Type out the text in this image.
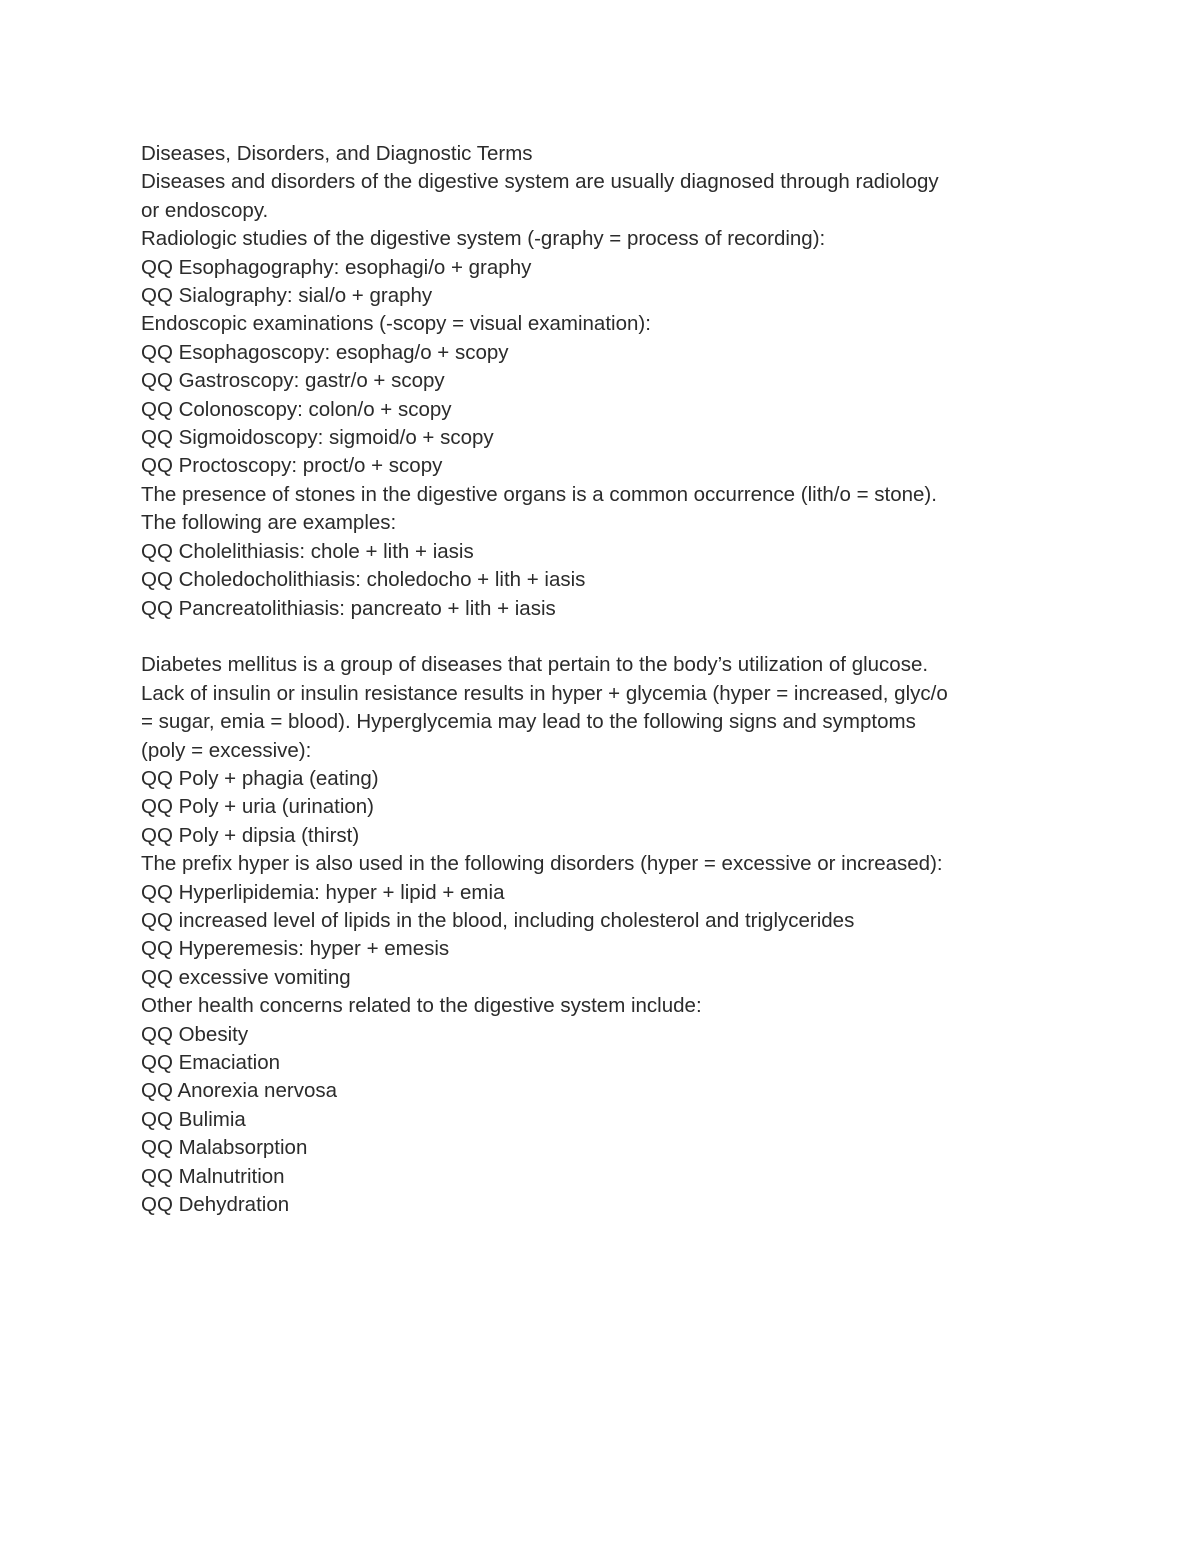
Diseases, Disorders, and Diagnostic Terms
Diseases and disorders of the digestive system are usually diagnosed through radiology
or endoscopy.
Radiologic studies of the digestive system (-graphy = process of recording):
QQ Esophagography: esophagi/o + graphy
QQ Sialography: sial/o + graphy
Endoscopic examinations (-scopy = visual examination):
QQ Esophagoscopy: esophag/o + scopy
QQ Gastroscopy: gastr/o + scopy
QQ Colonoscopy: colon/o + scopy
QQ Sigmoidoscopy: sigmoid/o + scopy
QQ Proctoscopy: proct/o + scopy
The presence of stones in the digestive organs is a common occurrence (lith/o = stone).
The following are examples:
QQ Cholelithiasis: chole + lith + iasis
QQ Choledocholithiasis: choledocho + lith + iasis
QQ Pancreatolithiasis: pancreato + lith + iasis
Diabetes mellitus is a group of diseases that pertain to the body’s utilization of glucose.
Lack of insulin or insulin resistance results in hyper + glycemia (hyper = increased, glyc/o
= sugar, emia = blood). Hyperglycemia may lead to the following signs and symptoms
(poly = excessive):
QQ Poly + phagia (eating)
QQ Poly + uria (urination)
QQ Poly + dipsia (thirst)
The prefix hyper is also used in the following disorders (hyper = excessive or increased):
QQ Hyperlipidemia: hyper + lipid + emia
QQ increased level of lipids in the blood, including cholesterol and triglycerides
QQ Hyperemesis: hyper + emesis
QQ excessive vomiting
Other health concerns related to the digestive system include:
QQ Obesity
QQ Emaciation
QQ Anorexia nervosa
QQ Bulimia
QQ Malabsorption
QQ Malnutrition
QQ Dehydration
